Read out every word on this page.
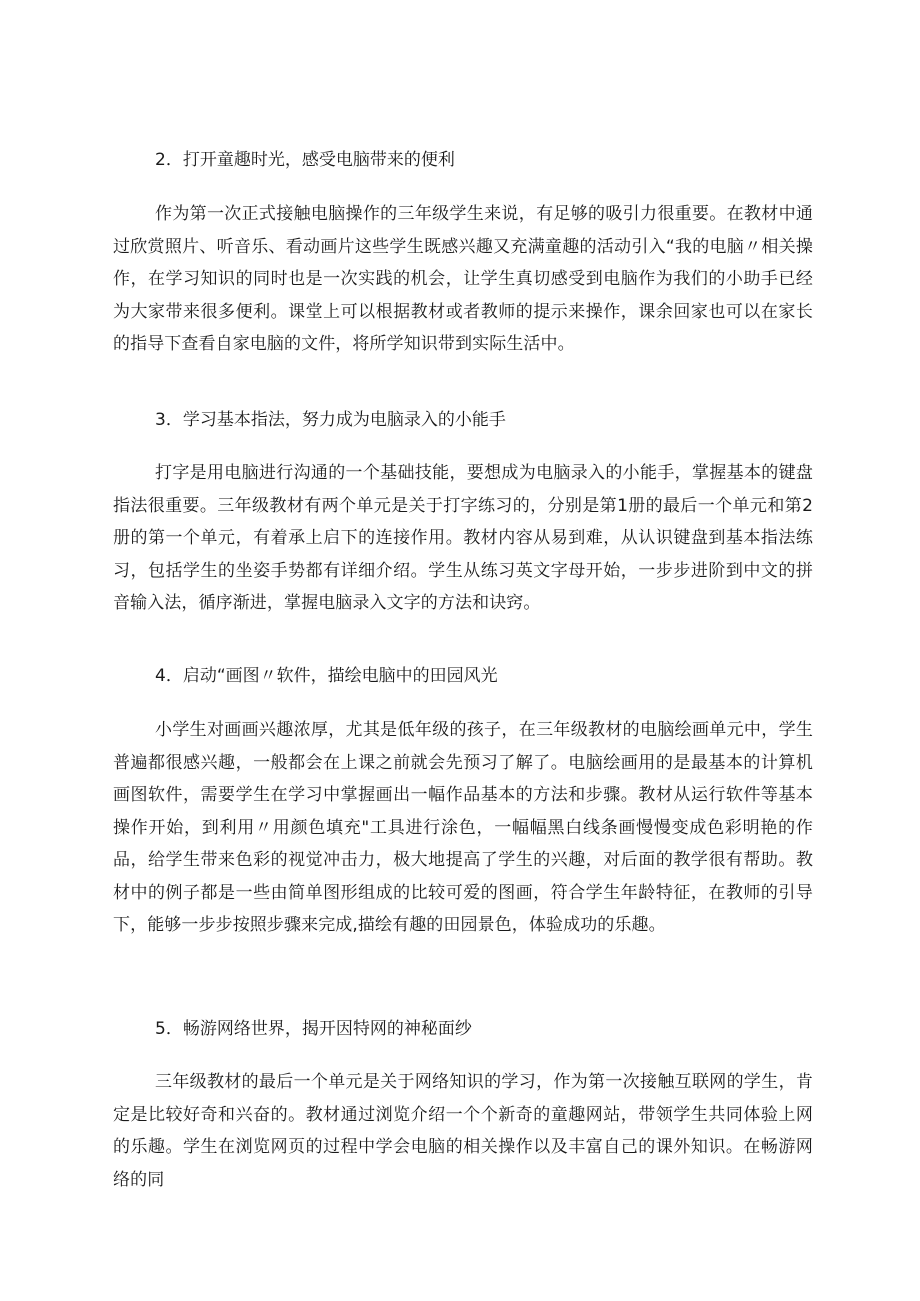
2．打开童趣时光，感受电脑带来的便利

作为第一次正式接触电脑操作的三年级学生来说，有足够的吸引力很重要。在教材中通过欣赏照片、听音乐、看动画片这些学生既感兴趣又充满童趣的活动引入“我的电脑〃相关操作，在学习知识的同时也是一次实践的机会，让学生真切感受到电脑作为我们的小助手已经为大家带来很多便利。课堂上可以根据教材或者教师的提示来操作，课余回家也可以在家长的指导下查看自家电脑的文件，将所学知识带到实际生活中。

3．学习基本指法，努力成为电脑录入的小能手

打字是用电脑进行沟通的一个基础技能，要想成为电脑录入的小能手，掌握基本的键盘指法很重要。三年级教材有两个单元是关于打字练习的，分别是第1册的最后一个单元和第2册的第一个单元，有着承上启下的连接作用。教材内容从易到难，从认识键盘到基本指法练习，包括学生的坐姿手势都有详细介绍。学生从练习英文字母开始，一步步进阶到中文的拼音输入法，循序渐进，掌握电脑录入文字的方法和诀窍。

4．启动“画图〃软件，描绘电脑中的田园风光

小学生对画画兴趣浓厚，尤其是低年级的孩子，在三年级教材的电脑绘画单元中，学生普遍都很感兴趣，一般都会在上课之前就会先预习了解了。电脑绘画用的是最基本的计算机画图软件，需要学生在学习中掌握画出一幅作品基本的方法和步骤。教材从运行软件等基本操作开始，到利用〃用颜色填充"工具进行涂色，一幅幅黑白线条画慢慢变成色彩明艳的作品，给学生带来色彩的视觉冲击力，极大地提高了学生的兴趣，对后面的教学很有帮助。教材中的例子都是一些由简单图形组成的比较可爱的图画，符合学生年龄特征，在教师的引导下，能够一步步按照步骤来完成,描绘有趣的田园景色，体验成功的乐趣。

5．畅游网络世界，揭开因特网的神秘面纱

三年级教材的最后一个单元是关于网络知识的学习，作为第一次接触互联网的学生，肯定是比较好奇和兴奋的。教材通过浏览介绍一个个新奇的童趣网站，带领学生共同体验上网的乐趣。学生在浏览网页的过程中学会电脑的相关操作以及丰富自己的课外知识。在畅游网络的同
